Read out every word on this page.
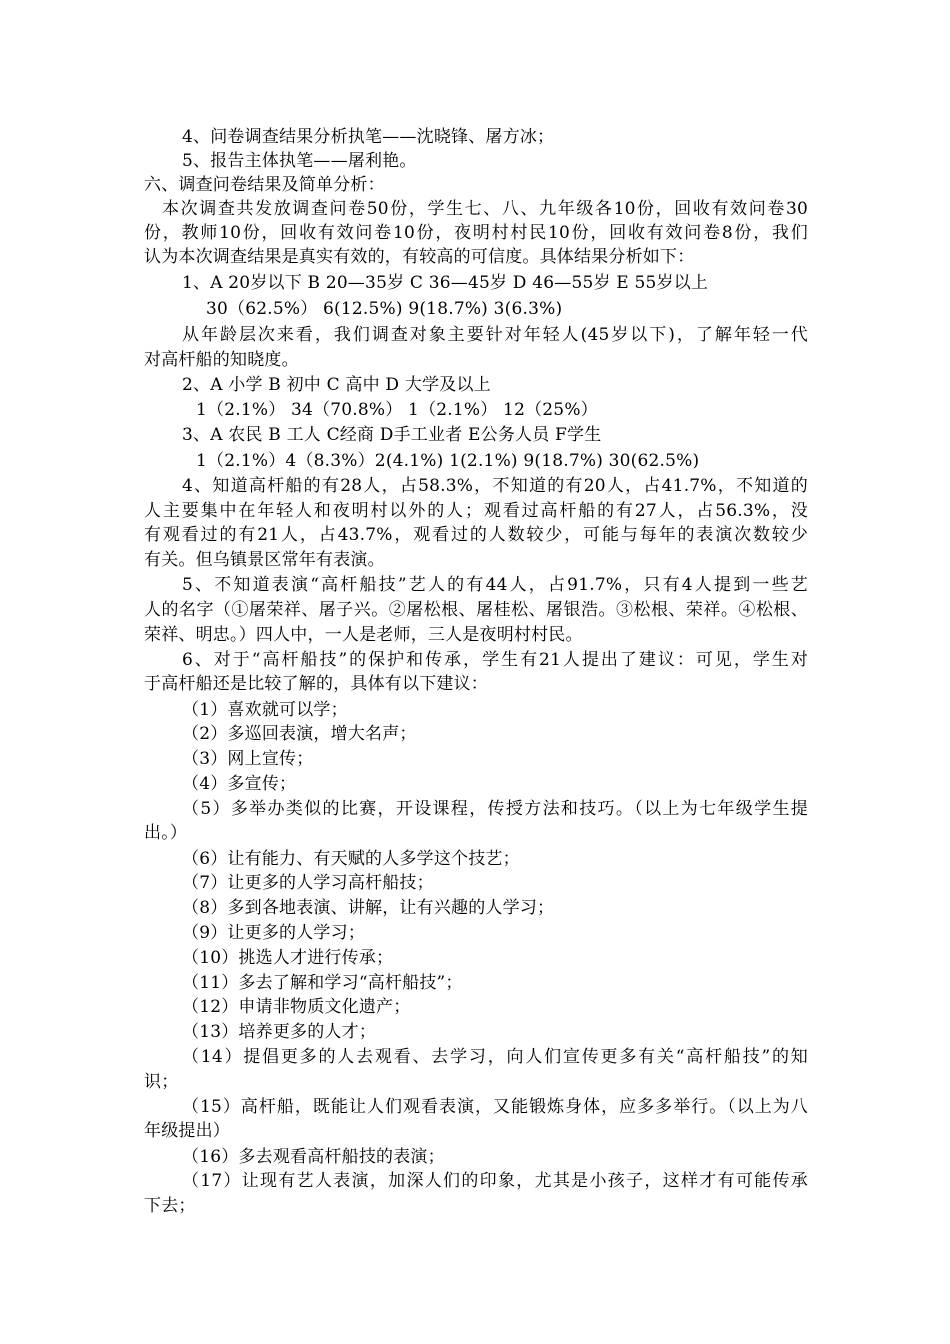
4、问卷调查结果分析执笔——沈晓锋、屠方冰；
5、报告主体执笔——屠利艳。
六、调查问卷结果及简单分析：
本次调查共发放调查问卷50份，学生七、八、九年级各10份，回收有效问卷30
份，教师10份，回收有效问卷10份，夜明村村民10份，回收有效问卷8份，我们
认为本次调查结果是真实有效的，有较高的可信度。具体结果分析如下：
1、A 20岁以下 B 20—35岁 C 36—45岁 D 46—55岁 E 55岁以上
30（62.5%） 6(12.5%) 9(18.7%) 3(6.3%)
从年龄层次来看，我们调查对象主要针对年轻人(45岁以下)，了解年轻一代
对高杆船的知晓度。
2、A 小学 B 初中 C 高中 D 大学及以上
1（2.1%） 34（70.8%） 1（2.1%） 12（25%）
3、A 农民 B 工人 C经商 D手工业者 E公务人员 F学生
1（2.1%）4（8.3%）2(4.1%) 1(2.1%) 9(18.7%) 30(62.5%)
4、知道高杆船的有28人，占58.3%，不知道的有20人，占41.7%，不知道的
人主要集中在年轻人和夜明村以外的人；观看过高杆船的有27人，占56.3%，没
有观看过的有21人，占43.7%，观看过的人数较少，可能与每年的表演次数较少
有关。但乌镇景区常年有表演。
5、不知道表演“高杆船技”艺人的有44人，占91.7%，只有4人提到一些艺
人的名字（①屠荣祥、屠子兴。②屠松根、屠桂松、屠银浩。③松根、荣祥。④松根、
荣祥、明忠。）四人中，一人是老师，三人是夜明村村民。
6、对于“高杆船技”的保护和传承，学生有21人提出了建议：可见，学生对
于高杆船还是比较了解的，具体有以下建议：
（1）喜欢就可以学；
（2）多巡回表演，增大名声；
（3）网上宣传；
（4）多宣传；
（5）多举办类似的比赛，开设课程，传授方法和技巧。（以上为七年级学生提
出。）
（6）让有能力、有天赋的人多学这个技艺；
（7）让更多的人学习高杆船技；
（8）多到各地表演、讲解，让有兴趣的人学习；
（9）让更多的人学习；
（10）挑选人才进行传承；
（11）多去了解和学习“高杆船技”；
（12）申请非物质文化遗产；
（13）培养更多的人才；
（14）提倡更多的人去观看、去学习，向人们宣传更多有关“高杆船技”的知
识；
（15）高杆船，既能让人们观看表演，又能锻炼身体，应多多举行。（以上为八
年级提出）
（16）多去观看高杆船技的表演；
（17）让现有艺人表演，加深人们的印象，尤其是小孩子，这样才有可能传承
下去；
